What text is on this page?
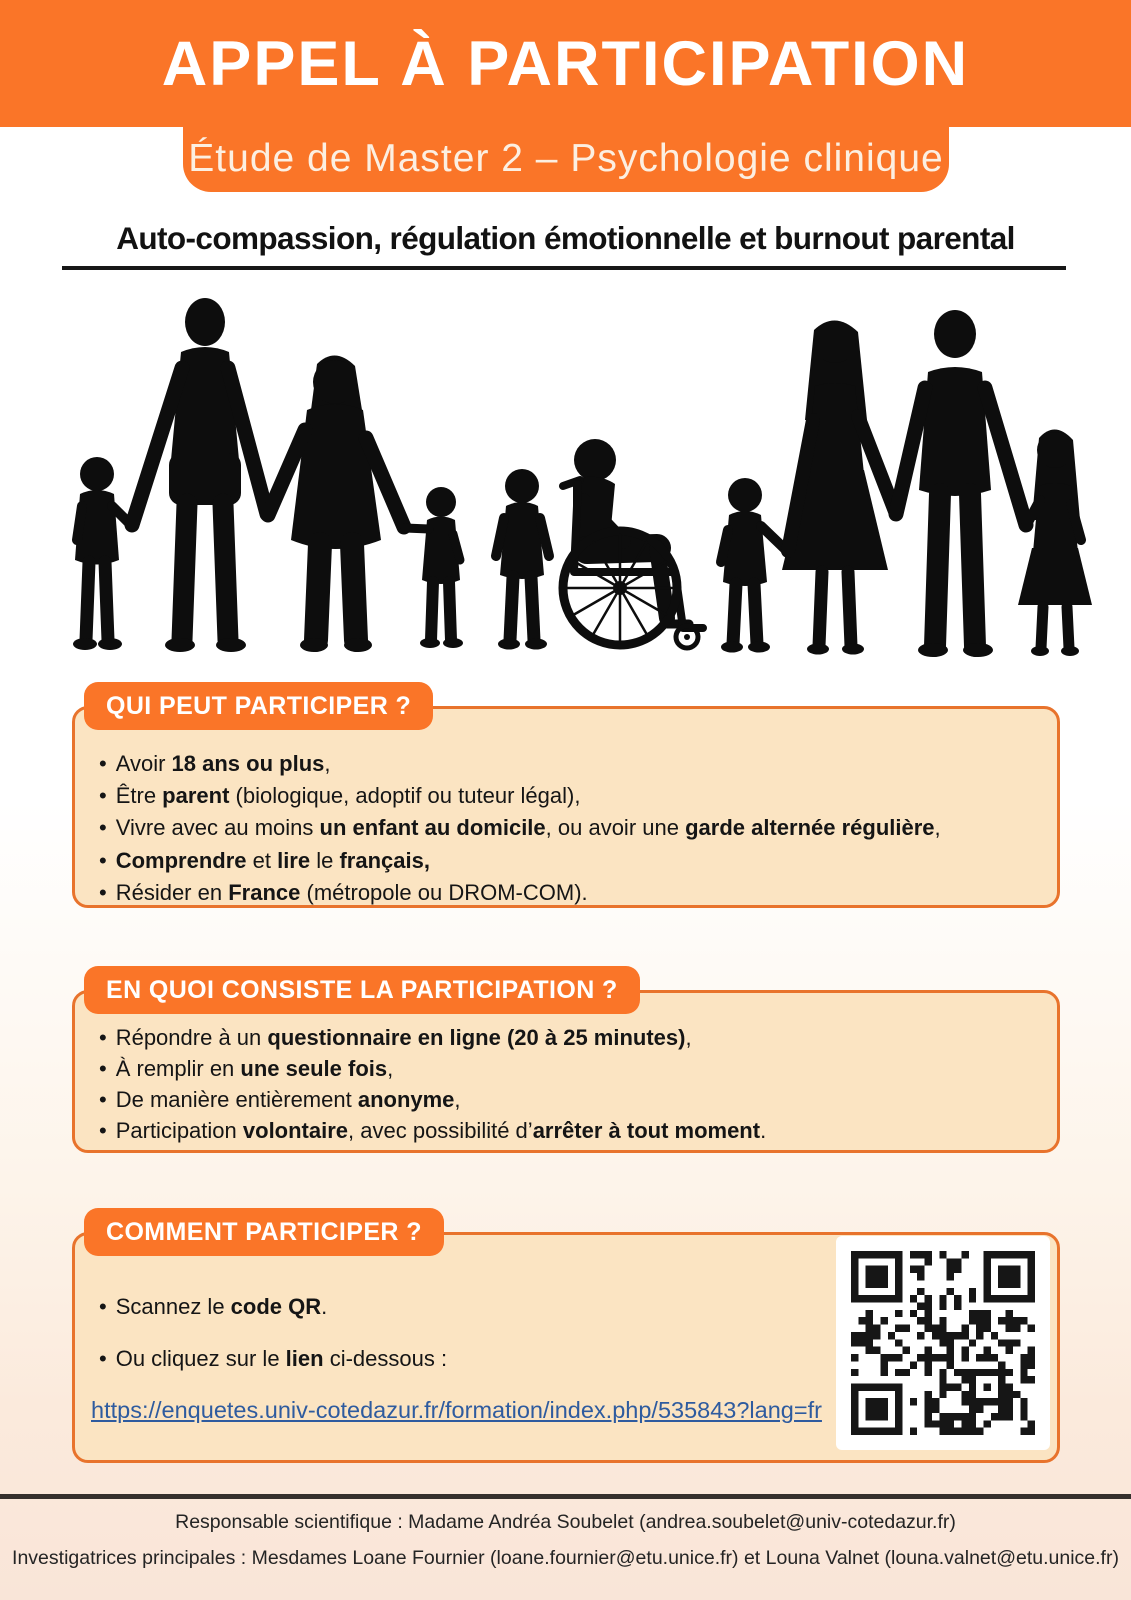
APPEL À PARTICIPATION
Étude de Master 2 – Psychologie clinique
Auto-compassion, régulation émotionnelle et burnout parental
QUI PEUT PARTICIPER ?
• Avoir 18 ans ou plus,
• Être parent (biologique, adoptif ou tuteur légal),
• Vivre avec au moins un enfant au domicile, ou avoir une garde alternée régulière,
• Comprendre et lire le français,
• Résider en France (métropole ou DROM-COM).
EN QUOI CONSISTE LA PARTICIPATION ?
• Répondre à un questionnaire en ligne (20 à 25 minutes),
• À remplir en une seule fois,
• De manière entièrement anonyme,
• Participation volontaire, avec possibilité d’arrêter à tout moment.
COMMENT PARTICIPER ?
• Scannez le code QR.
• Ou cliquez sur le lien ci-dessous :
https://enquetes.univ-cotedazur.fr/formation/index.php/535843?lang=fr
Responsable scientifique : Madame Andréa Soubelet (andrea.soubelet@univ-cotedazur.fr)
Investigatrices principales : Mesdames Loane Fournier (loane.fournier@etu.unice.fr) et Louna Valnet (louna.valnet@etu.unice.fr)
